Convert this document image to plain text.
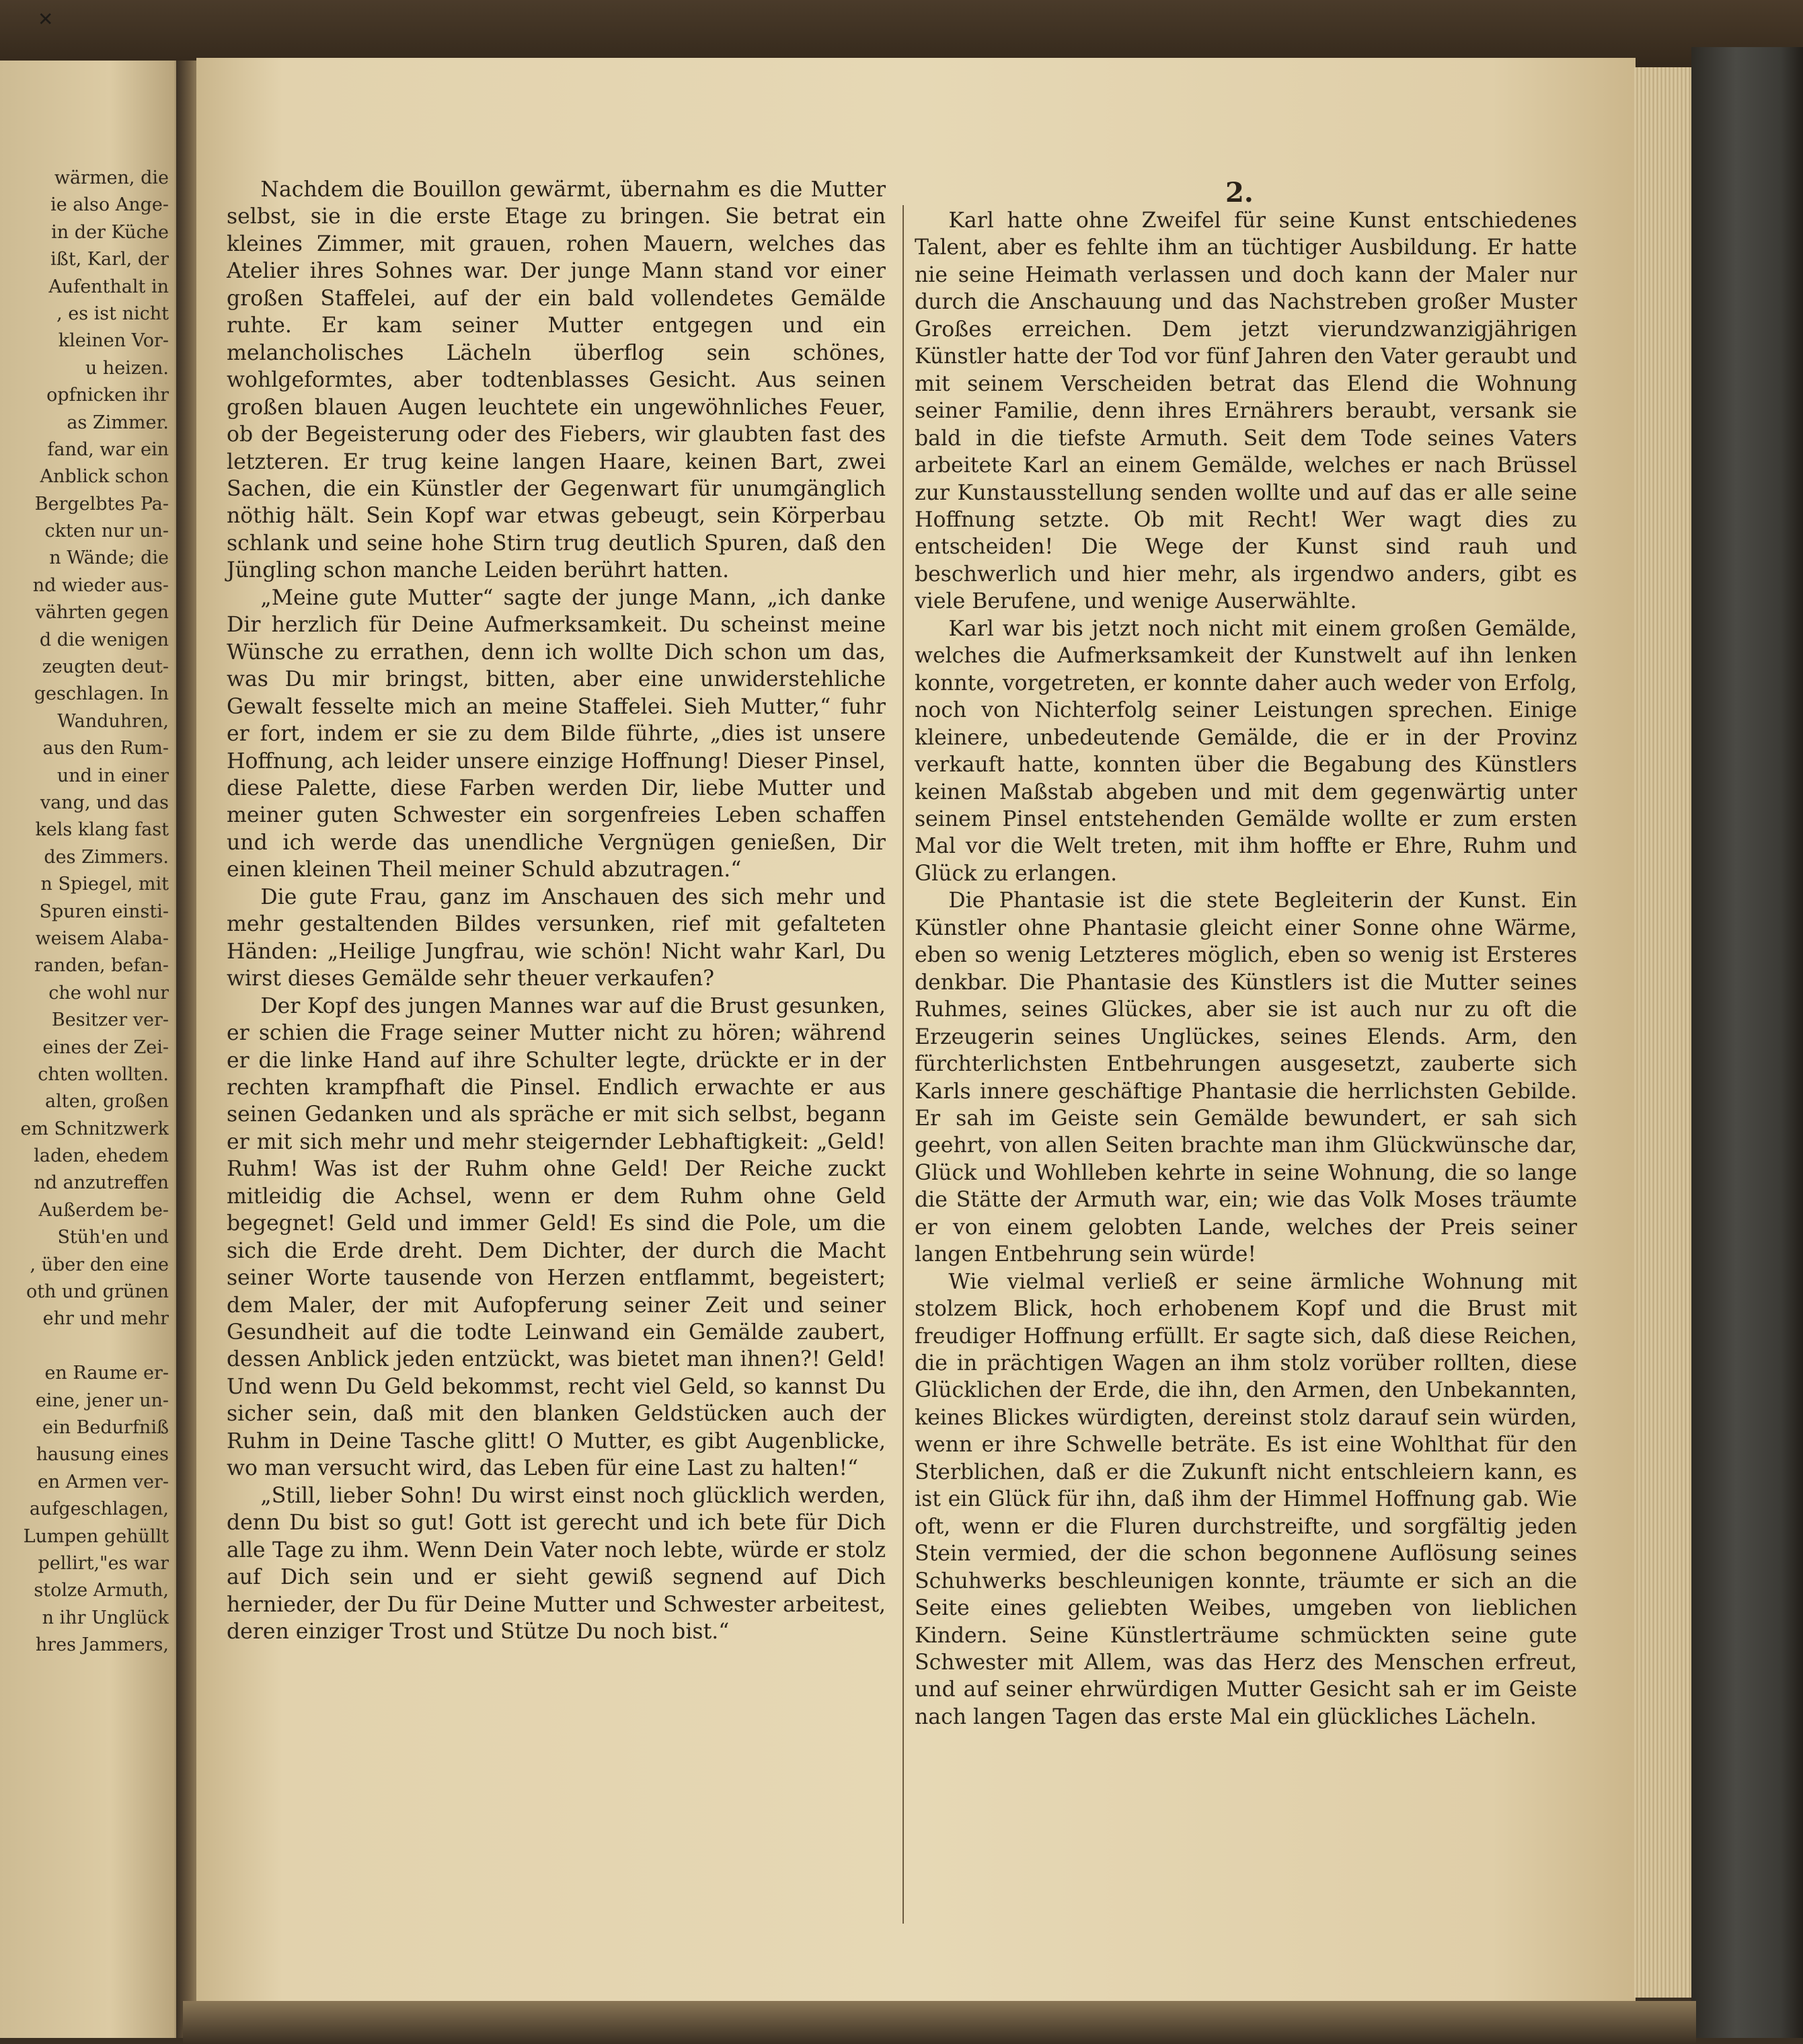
✕
wärmen, die
ie also Ange-
in der Küche
ißt, Karl, der
Aufenthalt in
, es ist nicht
kleinen Vor-
u heizen.
opfnicken ihr
as Zimmer.
fand, war ein
Anblick schon
Bergelbtes Pa-
ckten nur un-
n Wände; die
nd wieder aus-
vährten gegen
d die wenigen
zeugten deut-
geschlagen. In
Wanduhren,
aus den Rum-
und in einer
vang, und das
kels klang fast
des Zimmers.
n Spiegel, mit
Spuren einsti-
weisem Alaba-
randen, befan-
che wohl nur
Besitzer ver-
eines der Zei-
chten wollten.
alten, großen
em Schnitzwerk
laden, ehedem
nd anzutreffen
Außerdem be-
Stüh'en und
, über den eine
oth und grünen
ehr und mehr
en Raume er-
eine, jener un-
ein Bedurfniß
hausung eines
en Armen ver-
aufgeschlagen,
Lumpen gehüllt
pellirt,"es war
stolze Armuth,
n ihr Unglück
hres Jammers,
2.

Nachdem die Bouillon gewärmt, übernahm es die Mutter selbst, sie in die erste Etage zu bringen. Sie betrat ein kleines Zimmer, mit grauen, rohen Mauern, welches das Atelier ihres Sohnes war. Der junge Mann stand vor einer großen Staffelei, auf der ein bald vollendetes Gemälde ruhte. Er kam seiner Mutter entgegen und ein melancholisches Lächeln überflog sein schönes, wohlgeformtes, aber todtenblasses Gesicht. Aus seinen großen blauen Augen leuchtete ein ungewöhnliches Feuer, ob der Begeisterung oder des Fiebers, wir glaubten fast des letzteren. Er trug keine langen Haare, keinen Bart, zwei Sachen, die ein Künstler der Gegenwart für unumgänglich nöthig hält. Sein Kopf war etwas gebeugt, sein Körperbau schlank und seine hohe Stirn trug deutlich Spuren, daß den Jüngling schon manche Leiden berührt hatten.

„Meine gute Mutter“ sagte der junge Mann, „ich danke Dir herzlich für Deine Aufmerksamkeit. Du scheinst meine Wünsche zu errathen, denn ich wollte Dich schon um das, was Du mir bringst, bitten, aber eine unwiderstehliche Gewalt fesselte mich an meine Staffelei. Sieh Mutter,“ fuhr er fort, indem er sie zu dem Bilde führte, „dies ist unsere Hoffnung, ach leider unsere einzige Hoffnung! Dieser Pinsel, diese Palette, diese Farben werden Dir, liebe Mutter und meiner guten Schwester ein sorgenfreies Leben schaffen und ich werde das unendliche Vergnügen genießen, Dir einen kleinen Theil meiner Schuld abzutragen.“

Die gute Frau, ganz im Anschauen des sich mehr und mehr gestaltenden Bildes versunken, rief mit gefalteten Händen: „Heilige Jungfrau, wie schön! Nicht wahr Karl, Du wirst dieses Gemälde sehr theuer verkaufen?

Der Kopf des jungen Mannes war auf die Brust gesunken, er schien die Frage seiner Mutter nicht zu hören; während er die linke Hand auf ihre Schulter legte, drückte er in der rechten krampfhaft die Pinsel. Endlich erwachte er aus seinen Gedanken und als spräche er mit sich selbst, begann er mit sich mehr und mehr steigernder Lebhaftigkeit: „Geld! Ruhm! Was ist der Ruhm ohne Geld! Der Reiche zuckt mitleidig die Achsel, wenn er dem Ruhm ohne Geld begegnet! Geld und immer Geld! Es sind die Pole, um die sich die Erde dreht. Dem Dichter, der durch die Macht seiner Worte tausende von Herzen entflammt, begeistert; dem Maler, der mit Aufopferung seiner Zeit und seiner Gesundheit auf die todte Leinwand ein Gemälde zaubert, dessen Anblick jeden entzückt, was bietet man ihnen?! Geld! Und wenn Du Geld bekommst, recht viel Geld, so kannst Du sicher sein, daß mit den blanken Geldstücken auch der Ruhm in Deine Tasche glitt! O Mutter, es gibt Augenblicke, wo man versucht wird, das Leben für eine Last zu halten!“

„Still, lieber Sohn! Du wirst einst noch glücklich werden, denn Du bist so gut! Gott ist gerecht und ich bete für Dich alle Tage zu ihm. Wenn Dein Vater noch lebte, würde er stolz auf Dich sein und er sieht gewiß segnend auf Dich hernieder, der Du für Deine Mutter und Schwester arbeitest, deren einziger Trost und Stütze Du noch bist.“

Karl hatte ohne Zweifel für seine Kunst entschiedenes Talent, aber es fehlte ihm an tüchtiger Ausbildung. Er hatte nie seine Heimath verlassen und doch kann der Maler nur durch die Anschauung und das Nachstreben großer Muster Großes erreichen. Dem jetzt vierundzwanzigjährigen Künstler hatte der Tod vor fünf Jahren den Vater geraubt und mit seinem Verscheiden betrat das Elend die Wohnung seiner Familie, denn ihres Ernährers beraubt, versank sie bald in die tiefste Armuth. Seit dem Tode seines Vaters arbeitete Karl an einem Gemälde, welches er nach Brüssel zur Kunstausstellung senden wollte und auf das er alle seine Hoffnung setzte. Ob mit Recht! Wer wagt dies zu entscheiden! Die Wege der Kunst sind rauh und beschwerlich und hier mehr, als irgendwo anders, gibt es viele Berufene, und wenige Auserwählte.

Karl war bis jetzt noch nicht mit einem großen Gemälde, welches die Aufmerksamkeit der Kunstwelt auf ihn lenken konnte, vorgetreten, er konnte daher auch weder von Erfolg, noch von Nichterfolg seiner Leistungen sprechen. Einige kleinere, unbedeutende Gemälde, die er in der Provinz verkauft hatte, konnten über die Begabung des Künstlers keinen Maßstab abgeben und mit dem gegenwärtig unter seinem Pinsel entstehenden Gemälde wollte er zum ersten Mal vor die Welt treten, mit ihm hoffte er Ehre, Ruhm und Glück zu erlangen.

Die Phantasie ist die stete Begleiterin der Kunst. Ein Künstler ohne Phantasie gleicht einer Sonne ohne Wärme, eben so wenig Letzteres möglich, eben so wenig ist Ersteres denkbar. Die Phantasie des Künstlers ist die Mutter seines Ruhmes, seines Glückes, aber sie ist auch nur zu oft die Erzeugerin seines Unglückes, seines Elends. Arm, den fürchterlichsten Entbehrungen ausgesetzt, zauberte sich Karls innere geschäftige Phantasie die herrlichsten Gebilde. Er sah im Geiste sein Gemälde bewundert, er sah sich geehrt, von allen Seiten brachte man ihm Glückwünsche dar, Glück und Wohlleben kehrte in seine Wohnung, die so lange die Stätte der Armuth war, ein; wie das Volk Moses träumte er von einem gelobten Lande, welches der Preis seiner langen Entbehrung sein würde!

Wie vielmal verließ er seine ärmliche Wohnung mit stolzem Blick, hoch erhobenem Kopf und die Brust mit freudiger Hoffnung erfüllt. Er sagte sich, daß diese Reichen, die in prächtigen Wagen an ihm stolz vorüber rollten, diese Glücklichen der Erde, die ihn, den Armen, den Unbekannten, keines Blickes würdigten, dereinst stolz darauf sein würden, wenn er ihre Schwelle beträte. Es ist eine Wohlthat für den Sterblichen, daß er die Zukunft nicht entschleiern kann, es ist ein Glück für ihn, daß ihm der Himmel Hoffnung gab. Wie oft, wenn er die Fluren durchstreifte, und sorgfältig jeden Stein vermied, der die schon begonnene Auflösung seines Schuhwerks beschleunigen konnte, träumte er sich an die Seite eines geliebten Weibes, umgeben von lieblichen Kindern. Seine Künstlerträume schmückten seine gute Schwester mit Allem, was das Herz des Menschen erfreut, und auf seiner ehrwürdigen Mutter Gesicht sah er im Geiste nach langen Tagen das erste Mal ein glückliches Lächeln.
